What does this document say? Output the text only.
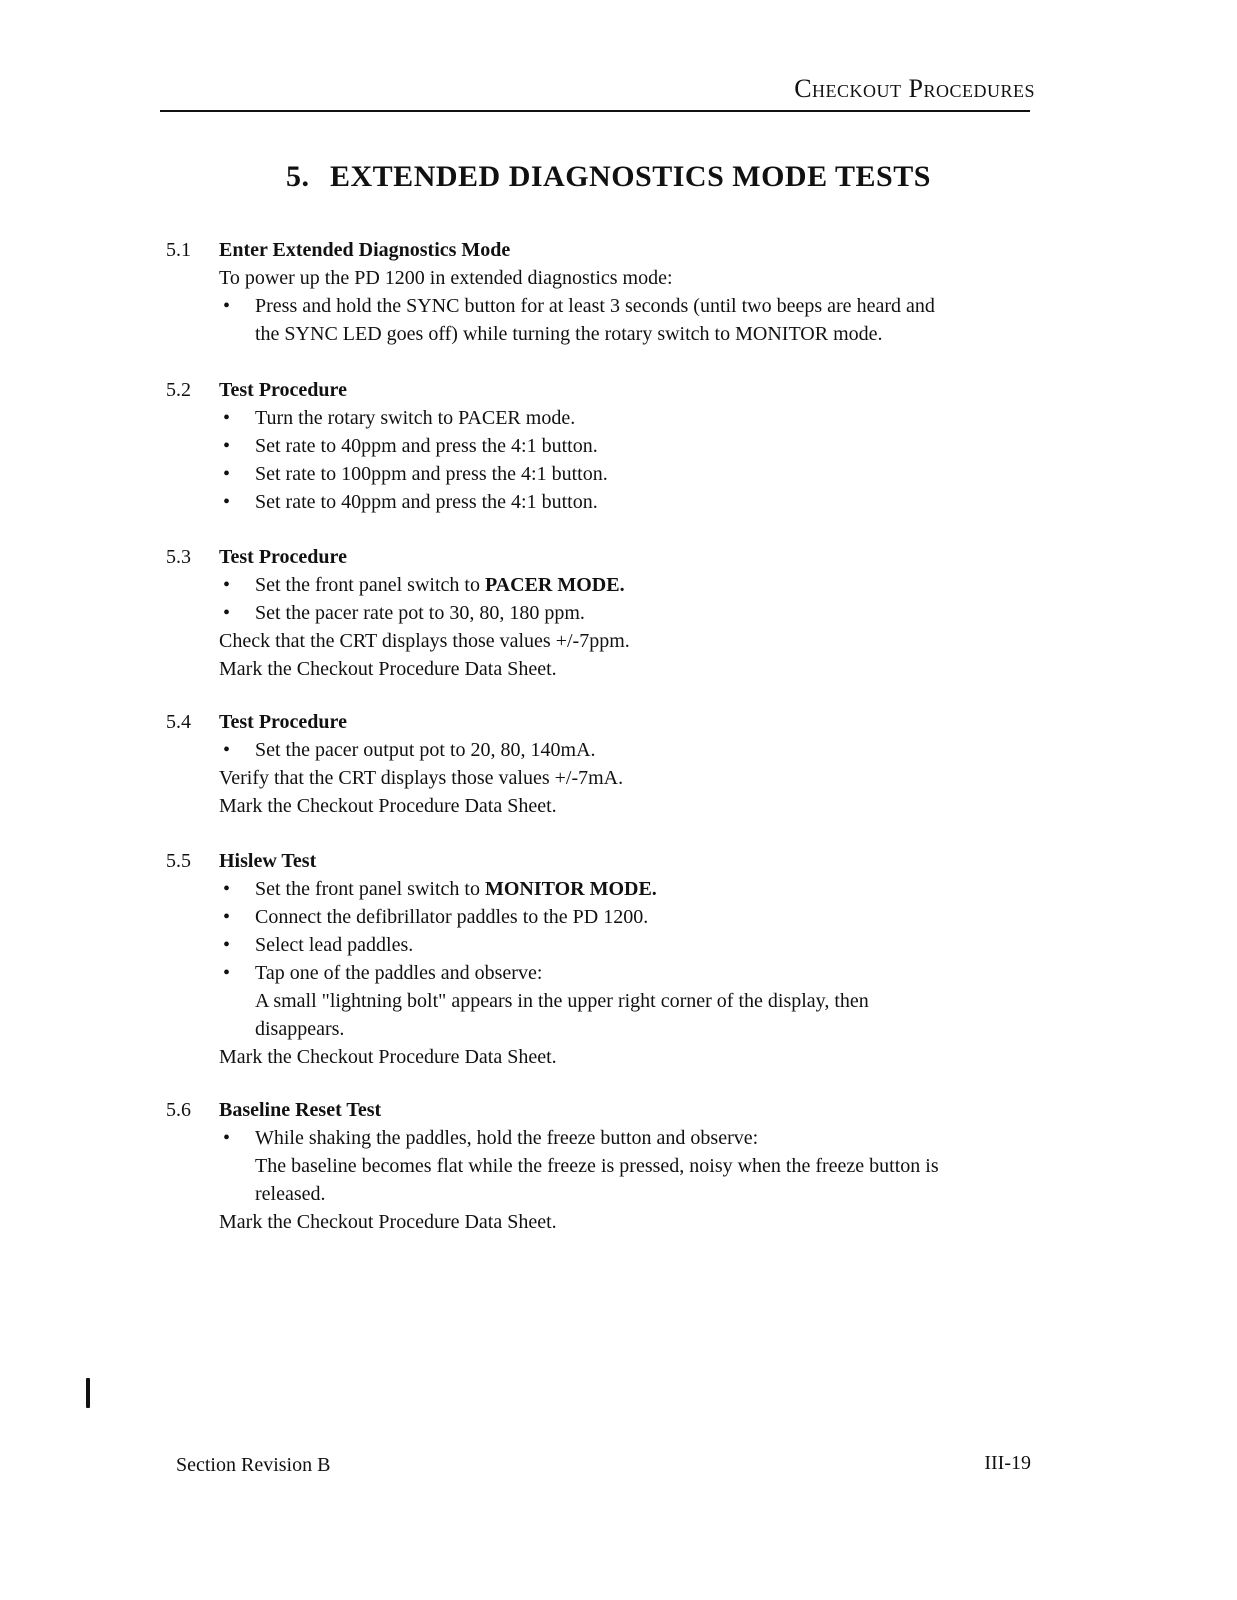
Checkout Procedures
5. EXTENDED DIAGNOSTICS MODE TESTS
5.1	Enter Extended Diagnostics Mode
To power up the PD 1200 in extended diagnostics mode:
• Press and hold the SYNC button for at least 3 seconds (until two beeps are heard and
the SYNC LED goes off) while turning the rotary switch to MONITOR mode.
5.2	Test Procedure
• Turn the rotary switch to PACER mode.
• Set rate to 40ppm and press the 4:1 button.
• Set rate to 100ppm and press the 4:1 button.
• Set rate to 40ppm and press the 4:1 button.
5.3	Test Procedure
• Set the front panel switch to PACER MODE.
• Set the pacer rate pot to 30, 80, 180 ppm.
Check that the CRT displays those values +/-7ppm.
Mark the Checkout Procedure Data Sheet.
5.4	Test Procedure
• Set the pacer output pot to 20, 80, 140mA.
Verify that the CRT displays those values +/-7mA.
Mark the Checkout Procedure Data Sheet.
5.5	Hislew Test
• Set the front panel switch to MONITOR MODE.
• Connect the defibrillator paddles to the PD 1200.
• Select lead paddles.
• Tap one of the paddles and observe:
A small "lightning bolt" appears in the upper right corner of the display, then
disappears.
Mark the Checkout Procedure Data Sheet.
5.6	Baseline Reset Test
• While shaking the paddles, hold the freeze button and observe:
The baseline becomes flat while the freeze is pressed, noisy when the freeze button is
released.
Mark the Checkout Procedure Data Sheet.
Section Revision B	III-19
